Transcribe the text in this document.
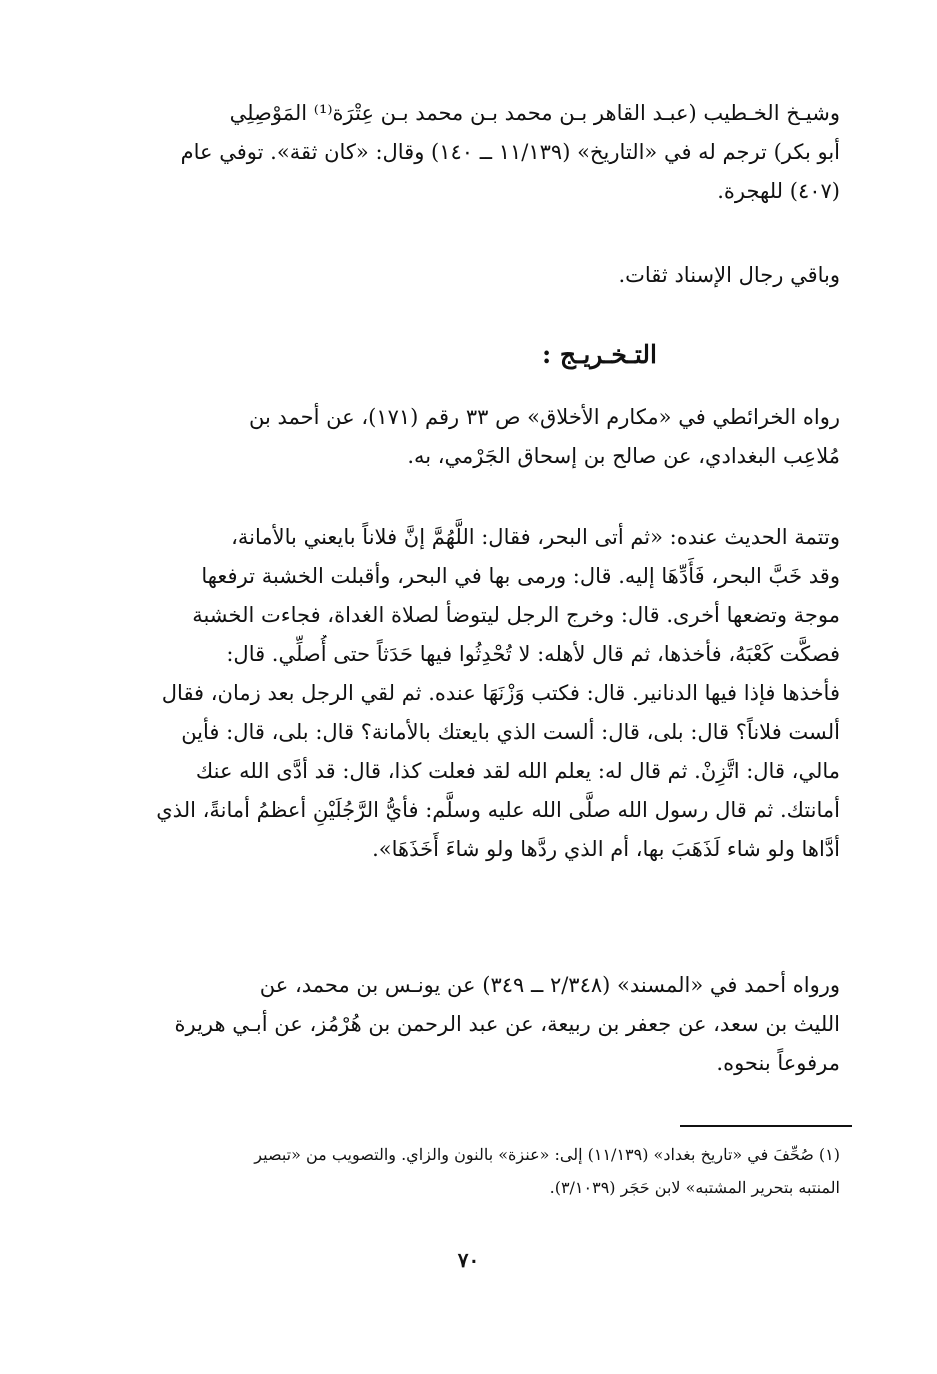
وشيـخ الخـطيب (عبـد القاهر بـن محمد بـن محمد بـن عِتْرَة⁽¹⁾ المَوْصِلِي
أبو بكر) ترجم له في «التاريخ» (١١/١٣٩ ــ ١٤٠) وقال: «كان ثقة». توفي عام
(٤٠٧) للهجرة.

وباقي رجال الإسناد ثقات.

التـخـريـج :

رواه الخرائطي في «مكارم الأخلاق» ص ٣٣ رقم (١٧١)، عن أحمد بن
مُلاعِب البغدادي، عن صالح بن إسحاق الجَرْمي، به.

وتتمة الحديث عنده: «ثم أتى البحر، فقال: اللَّهُمَّ إنَّ فلاناً بايعني بالأمانة،
وقد خَبَّ البحر، فَأَدِّهَا إليه. قال: ورمى بها في البحر، وأقبلت الخشبة ترفعها
موجة وتضعها أخرى. قال: وخرج الرجل ليتوضأ لصلاة الغداة، فجاءت الخشبة
فصكَّت كَعْبَهُ، فأخذها، ثم قال لأهله: لا تُحْدِثُوا فيها حَدَثاً حتى أُصلِّي. قال:
فأخذها فإذا فيها الدنانير. قال: فكتب وَزْنَهَا عنده. ثم لقي الرجل بعد زمان، فقال
ألست فلاناً؟ قال: بلى، قال: ألست الذي بايعتك بالأمانة؟ قال: بلى، قال: فأين
مالي، قال: اتَّزِنْ. ثم قال له: يعلم الله لقد فعلت كذا، قال: قد أدَّى الله عنك
أمانتك. ثم قال رسول الله صلَّى الله عليه وسلَّم: فأيُّ الرَّجُلَيْنِ أعظمُ أمانةً، الذي
أدَّاها ولو شاء لَذَهَبَ بها، أم الذي ردَّها ولو شاءَ أَخَذَهَا».

ورواه أحمد في «المسند» (٢/٣٤٨ ــ ٣٤٩) عن يونـس بن محمد، عن
الليث بن سعد، عن جعفر بن ربيعة، عن عبد الرحمن بن هُرْمُز، عن أبـي هريرة
مرفوعاً بنحوه.

(١) صُحِّفَ في «تاريخ بغداد» (١١/١٣٩) إلى: «عنزة» بالنون والزاي. والتصويب من «تبصير
المنتبه بتحرير المشتبه» لابن حَجَر (٣/١٠٣٩).
٧٠
